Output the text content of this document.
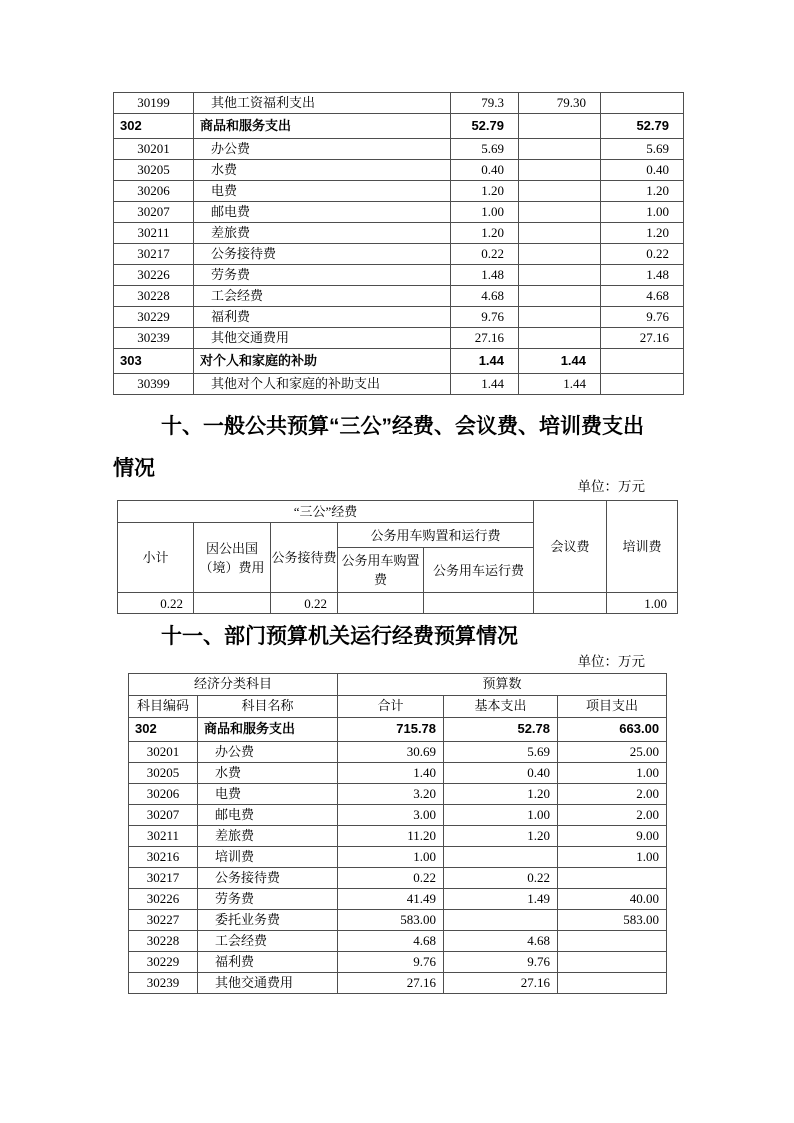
30199	其他工资福利支出	79.3	79.30	
302	商品和服务支出	52.79		52.79
30201	办公费	5.69		5.69
30205	水费	0.40		0.40
30206	电费	1.20		1.20
30207	邮电费	1.00		1.00
30211	差旅费	1.20		1.20
30217	公务接待费	0.22		0.22
30226	劳务费	1.48		1.48
30228	工会经费	4.68		4.68
30229	福利费	9.76		9.76
30239	其他交通费用	27.16		27.16
303	对个人和家庭的补助	1.44	1.44	
30399	其他对个人和家庭的补助支出	1.44	1.44	
十、一般公共预算“三公”经费、会议费、培训费支出
情况
单位：万元
“三公”经费					会议费	培训费
小计	因公出国（境）费用	公务接待费	公务用车购置和运行费			
			公务用车购置费	公务用车运行费		
0.22		0.22				1.00
十一、部门预算机关运行经费预算情况
单位：万元
经济分类科目		预算数		
科目编码	科目名称	合计	基本支出	项目支出
302	商品和服务支出	715.78	52.78	663.00
30201	办公费	30.69	5.69	25.00
30205	水费	1.40	0.40	1.00
30206	电费	3.20	1.20	2.00
30207	邮电费	3.00	1.00	2.00
30211	差旅费	11.20	1.20	9.00
30216	培训费	1.00		1.00
30217	公务接待费	0.22	0.22	
30226	劳务费	41.49	1.49	40.00
30227	委托业务费	583.00		583.00
30228	工会经费	4.68	4.68	
30229	福利费	9.76	9.76	
30239	其他交通费用	27.16	27.16	
